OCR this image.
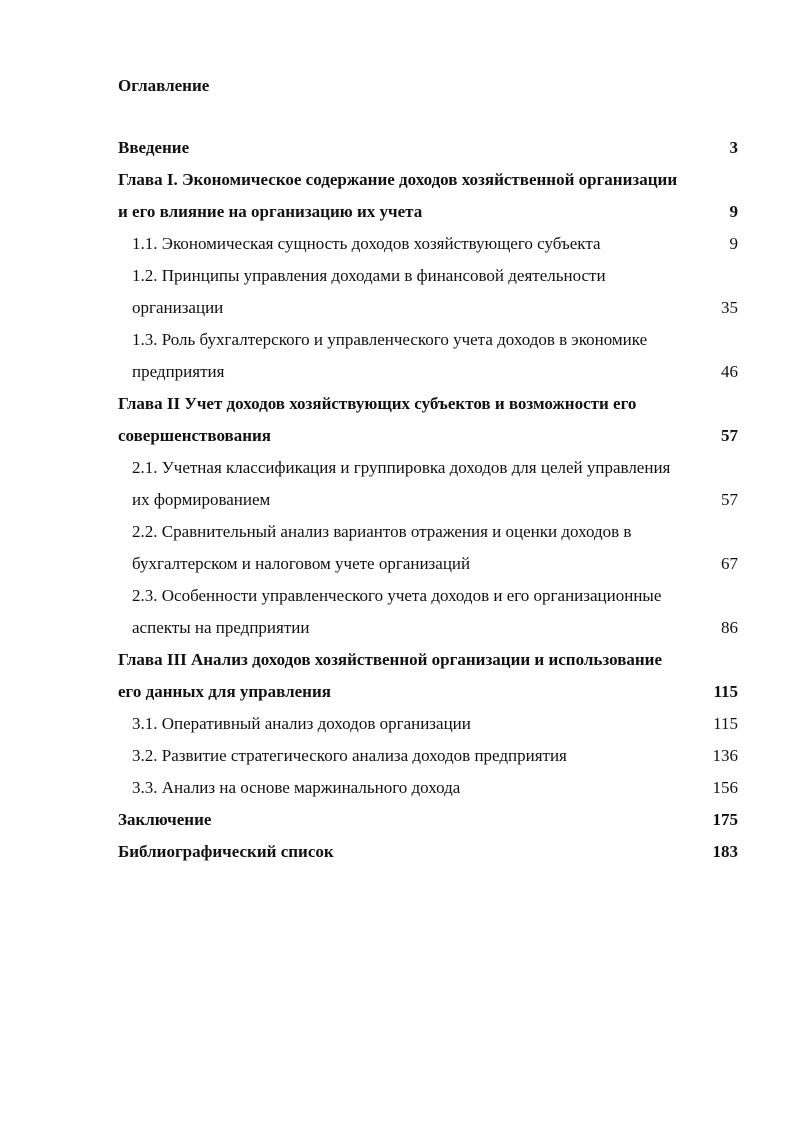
Оглавление
Введение	3
Глава I. Экономическое содержание доходов хозяйственной организации
и его влияние на организацию их учета	9
1.1. Экономическая сущность доходов хозяйствующего субъекта	9
1.2. Принципы управления доходами в финансовой деятельности
организации	35
1.3. Роль бухгалтерского и управленческого учета доходов в экономике
предприятия	46
Глава II Учет доходов хозяйствующих субъектов и возможности его
совершенствования	57
2.1. Учетная классификация и группировка доходов для целей управления
их формированием	57
2.2. Сравнительный анализ вариантов отражения и оценки доходов в
бухгалтерском и налоговом учете организаций	67
2.3. Особенности управленческого учета доходов и его организационные
аспекты на предприятии	86
Глава III Анализ доходов хозяйственной организации и использование
его данных для управления	115
3.1. Оперативный анализ доходов организации	115
3.2. Развитие стратегического анализа доходов предприятия	136
3.3. Анализ на основе маржинального дохода	156
Заключение	175
Библиографический список	183
